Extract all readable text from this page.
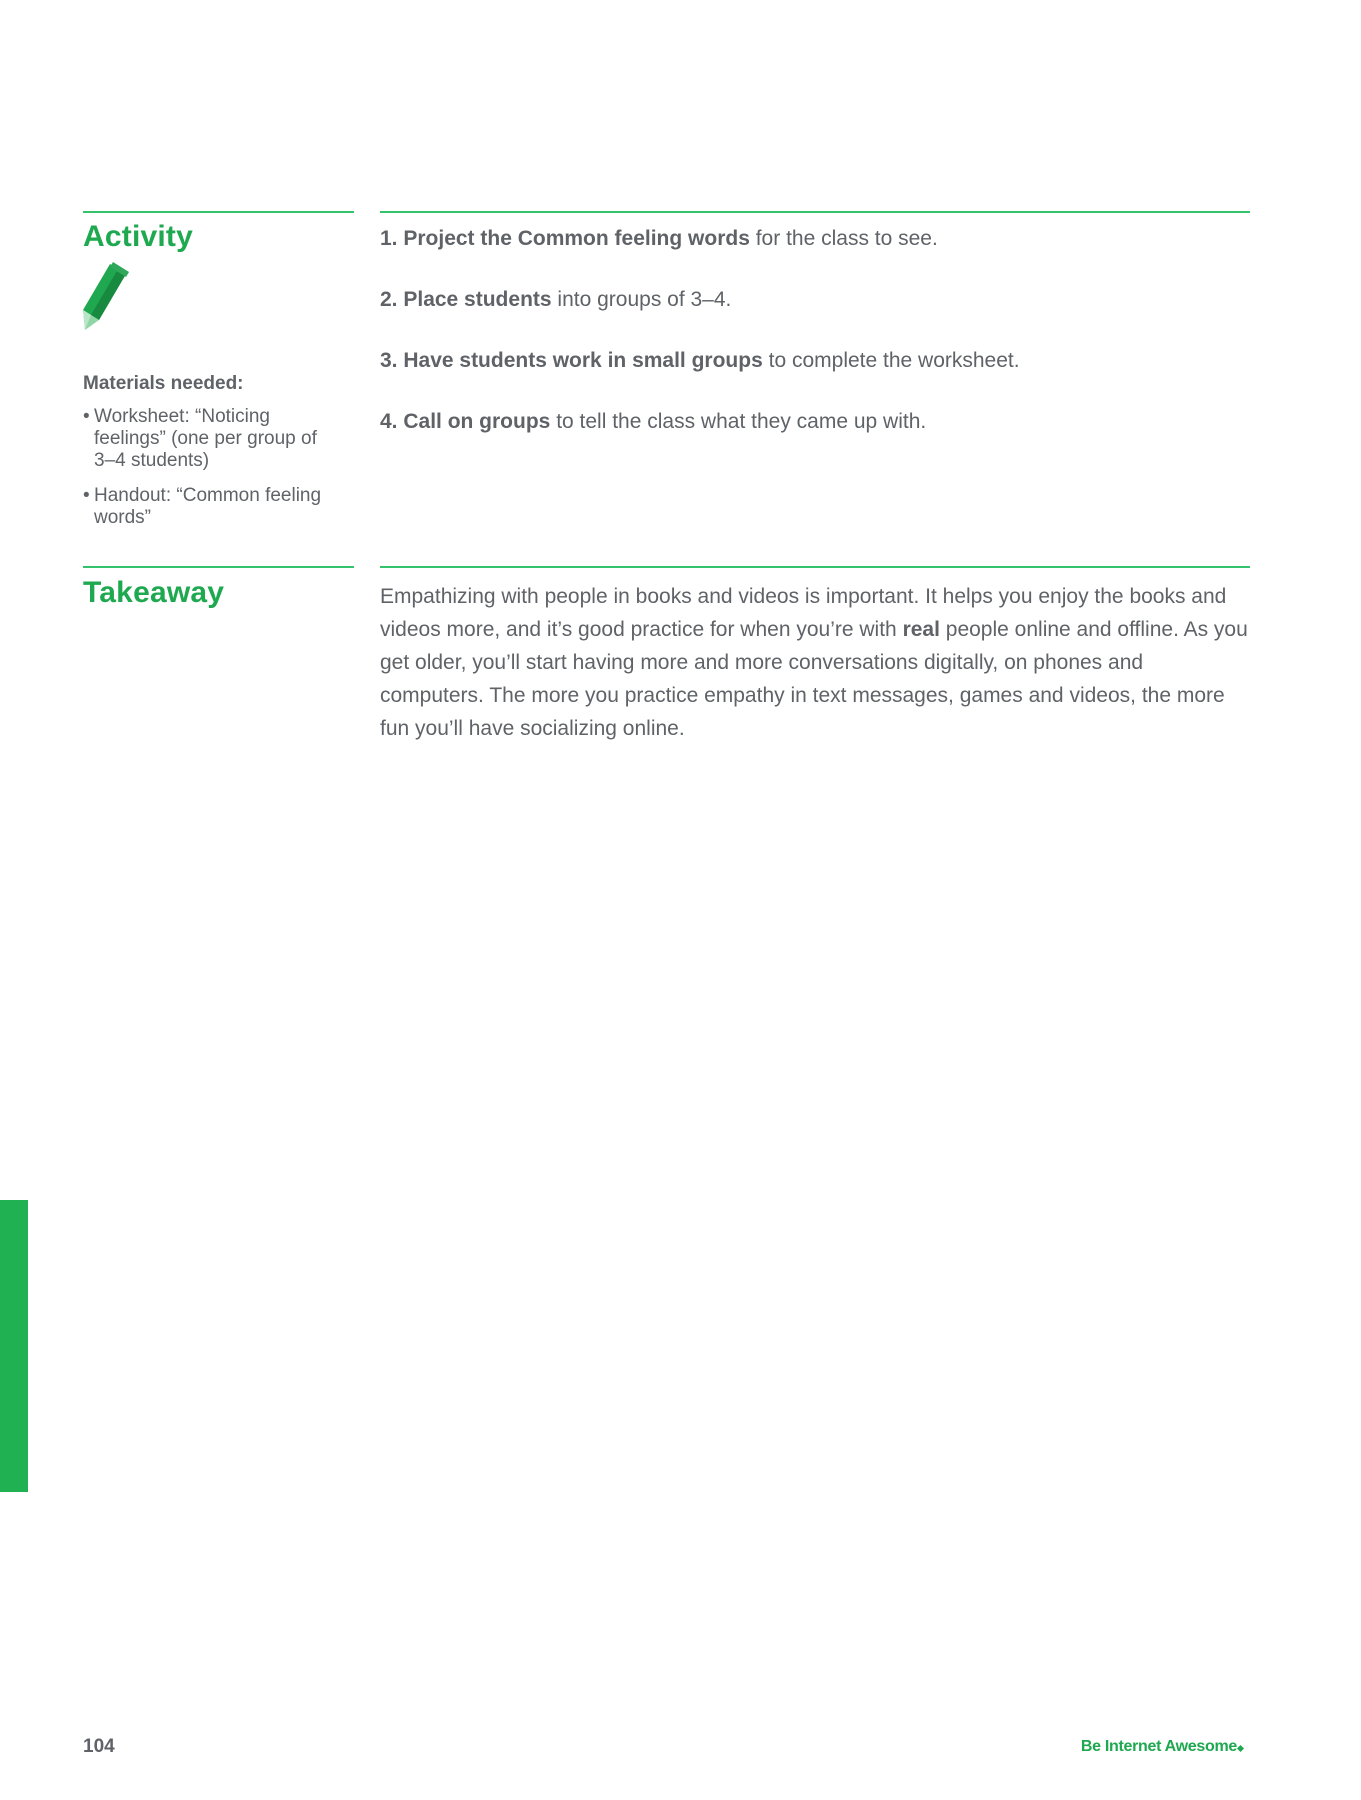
Activity

Materials needed:

• Worksheet: “Noticing feelings” (one per group of 3–4 students)
• Handout: “Common feeling words”
1. Project the Common feeling words for the class to see.
2. Place students into groups of 3–4.
3. Have students work in small groups to complete the worksheet.
4. Call on groups to tell the class what they came up with.
Takeaway	Empathizing with people in books and videos is important. It helps you enjoy the books and videos more, and it’s good practice for when you’re with real people online and offline. As you get older, you’ll start having more and more conversations digitally, on phones and computers. The more you practice empathy in text messages, games and videos, the more fun you’ll have socializing online.

104	Be Internet Awesome
